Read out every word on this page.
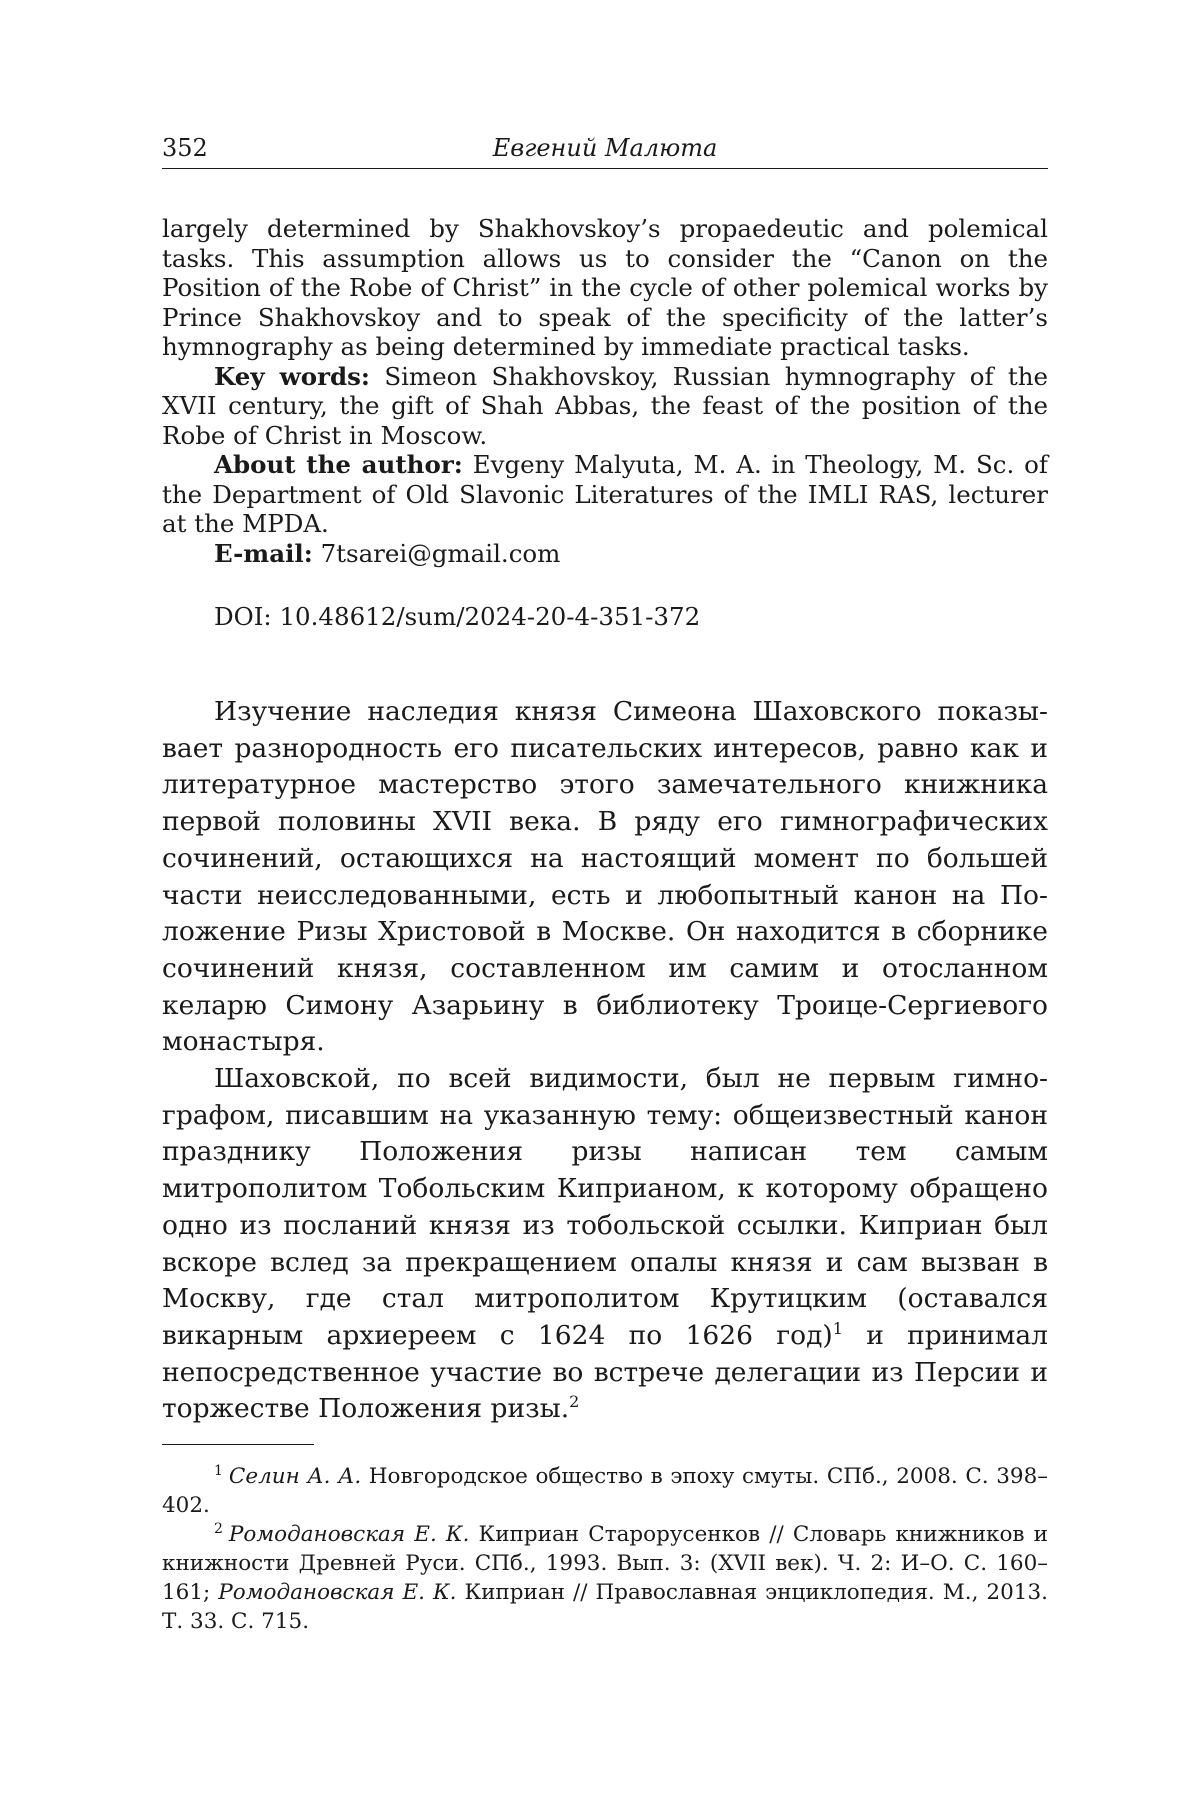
352	Евгений Малюта

largely determined by Shakhovskoy’s propaedeutic and polemical tasks. This assumption allows us to consider the “Canon on the Position of the Robe of Christ” in the cycle of other polemical works by Prince Shakhovskoy and to speak of the specificity of the latter’s hymnography as being determined by immediate practical tasks.

Key words: Simeon Shakhovskoy, Russian hymnography of the XVII century, the gift of Shah Abbas, the feast of the position of the Robe of Christ in Moscow.

About the author: Evgeny Malyuta, M. A. in Theology, M. Sc. of the Department of Old Slavonic Literatures of the IMLI RAS, lecturer at the MPDA.

E-mail: 7tsarei@gmail.com

DOI: 10.48612/sum/2024-20-4-351-372

Изучение наследия князя Симеона Шаховского показы­вает разнородность его писательских интересов, равно как и литературное мастерство этого замечательного книжника первой половины XVII века. В ряду его гимнографических сочинений, остающихся на настоящий момент по большей части неисследованными, есть и любопытный канон на По­ложение Ризы Христовой в Москве. Он находится в сборни­ке сочинений князя, составленном им самим и отосланном келарю Симону Азарьину в библиотеку Троице-Сергиевого монастыря.

Шаховской, по всей видимости, был не первым гимно­графом, писавшим на указанную тему: общеизвестный канон празднику Положения ризы написан тем самым митрополитом Тобольским Киприаном, к которому обращено одно из посла­ний князя из тобольской ссылки. Киприан был вскоре вслед за прекращением опалы князя и сам вызван в Москву, где стал митрополитом Крутицким (оставался викарным архиереем с 1624 по 1626 год)1 и принимал непосредственное участие во встрече делегации из Персии и торжестве Положения ризы.2

1 Селин А. А. Новгородское общество в эпоху смуты. СПб., 2008. С. 398–402.

2 Ромодановская Е. К. Киприан Старорусенков // Словарь книжников и книжности Древней Руси. СПб., 1993. Вып. 3: (XVII век). Ч. 2: И–О. С. 160–161; Ромодановская Е. К. Киприан // Православная энциклопедия. М., 2013. Т. 33. С. 715.
